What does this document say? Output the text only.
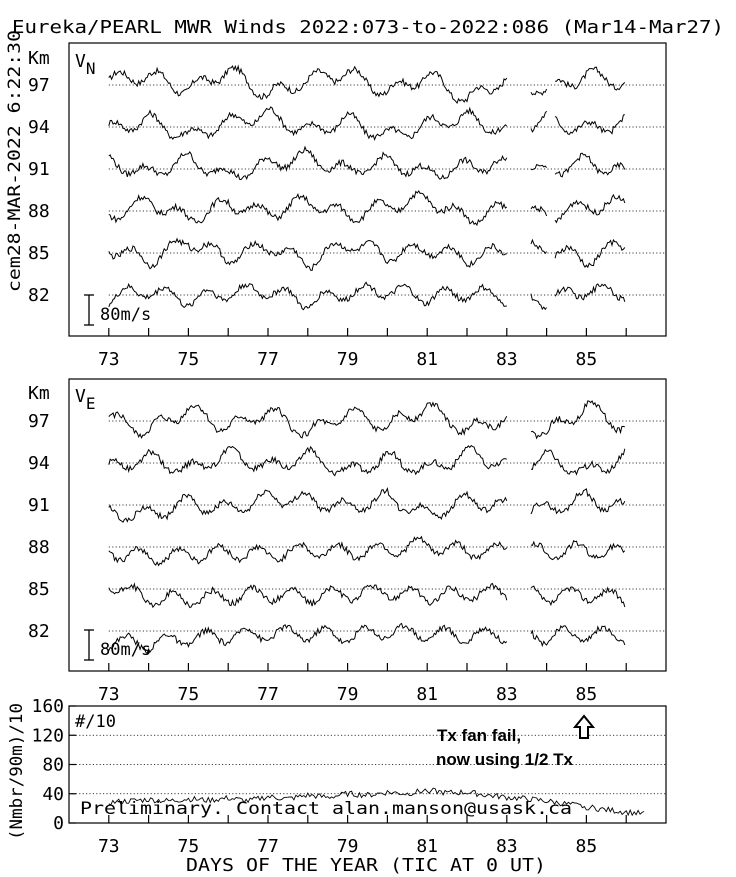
Eureka/PEARL MWR Winds 2022:073-to-2022:086 (Mar14-Mar27)
cem28-MAR-2022 6:22:30
Km VN
97
94
91
88
85
82
80m/s
Km VE
97
94
91
88
85
82
80m/s
(Nmbr/90m)/10 0
40
80
120
160
#/10
Tx fan fail,
now using 1/2 Tx
Preliminary. Contact alan.manson@usask.ca
73	75	77	79	81	83	85
73	75	77	79	81	83	85
73	75	77	79	81	83	85
DAYS OF THE YEAR (TIC AT 0 UT)
